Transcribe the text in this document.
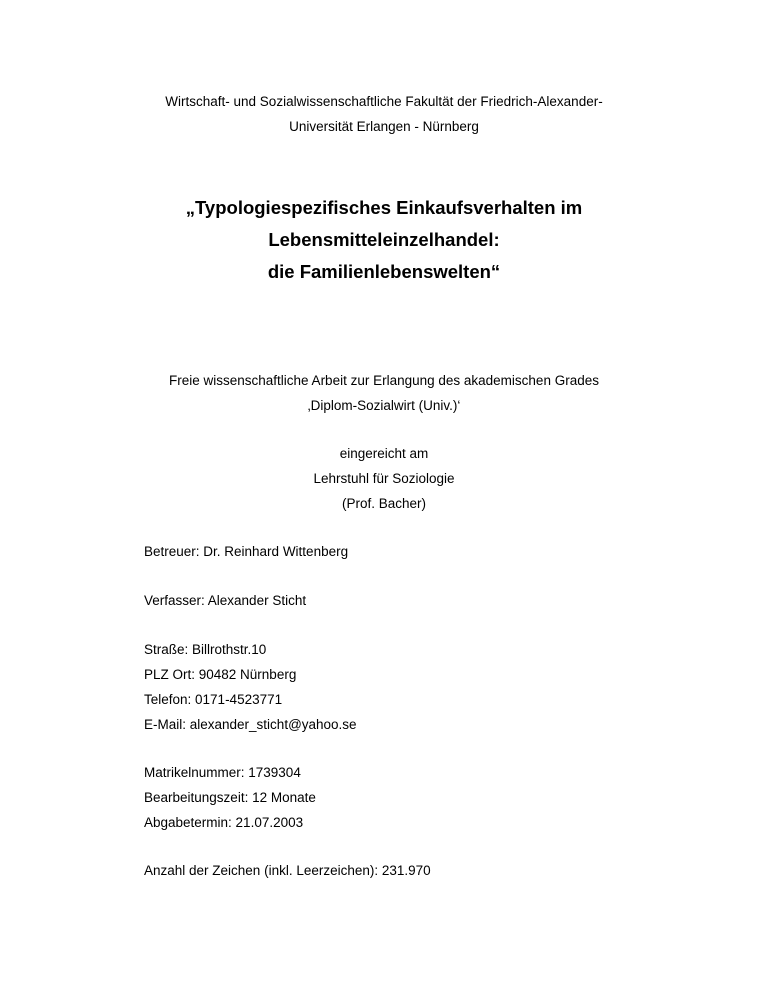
Wirtschaft- und Sozialwissenschaftliche Fakultät der Friedrich-Alexander-
Universität Erlangen - Nürnberg
„Typologiespezifisches Einkaufsverhalten im
Lebensmitteleinzelhandel:
die Familienlebenswelten“
Freie wissenschaftliche Arbeit zur Erlangung des akademischen Grades
‚Diplom-Sozialwirt (Univ.)‘
eingereicht am
Lehrstuhl für Soziologie
(Prof. Bacher)
Betreuer: Dr. Reinhard Wittenberg
Verfasser: Alexander Sticht
Straße: Billrothstr.10
PLZ Ort: 90482 Nürnberg
Telefon: 0171-4523771
E-Mail: alexander_sticht@yahoo.se
Matrikelnummer: 1739304
Bearbeitungszeit: 12 Monate
Abgabetermin: 21.07.2003
Anzahl der Zeichen (inkl. Leerzeichen): 231.970
